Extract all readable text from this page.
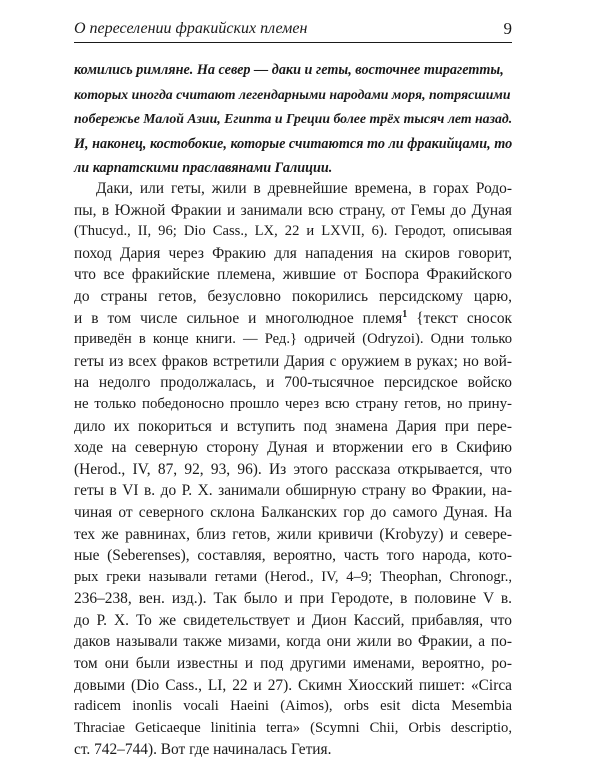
О переселении фракийских племен	9
комились римляне. На север — даки и геты, восточнее тирагетты,
которых иногда считают легендарными народами моря, потрясшими
побережье Малой Азии, Египта и Греции более трёх тысяч лет назад.
И, наконец, костобокие, которые считаются то ли фракийцами, то
ли карпатскими праславянами Галиции.
Даки, или геты, жили в древнейшие времена, в горах Родо-
пы, в Южной Фракии и занимали всю страну, от Гемы до Дуная
(Thucyd., II, 96; Dio Cass., LX, 22 и LXVII, 6). Геродот, описывая
поход Дария через Фракию для нападения на скиров говорит,
что все фракийские племена, жившие от Боспора Фракийского
до страны гетов, безусловно покорились персидскому царю,
и в том числе сильное и многолюдное племя$^1$ {текст сносок
приведён в конце книги. — Ред.} одричей (Odryzoi). Одни только
геты из всех фраков встретили Дария с оружием в руках; но вой-
на недолго продолжалась, и 700-тысячное персидское войско
не только победоносно прошло через всю страну гетов, но прину-
дило их покориться и вступить под знамена Дария при пере-
ходе на северную сторону Дуная и вторжении его в Скифию
(Herod., IV, 87, 92, 93, 96). Из этого рассказа открывается, что
геты в VI в. до Р. Х. занимали обширную страну во Фракии, на-
чиная от северного склона Балканских гор до самого Дуная. На
тех же равнинах, близ гетов, жили кривичи (Krobyzy) и севере-
ные (Seberenses), составляя, вероятно, часть того народа, кото-
рых греки называли гетами (Herod., IV, 4–9; Theophan, Chronogr.,
236–238, вен. изд.). Так было и при Геродоте, в половине V в.
до Р. Х. То же свидетельствует и Дион Кассий, прибавляя, что
даков называли также мизами, когда они жили во Фракии, а по-
том они были известны и под другими именами, вероятно, ро-
довыми (Dio Cass., LI, 22 и 27). Скимн Хиосский пишет: «Circa
radicem inonlis vocali Haeini (Aimos), orbs esit dicta Mesembia
Thraciae Geticaeque linitinia terra» (Scymni Chii, Orbis descriptio,
ст. 742–744). Вот где начиналась Гетия.
